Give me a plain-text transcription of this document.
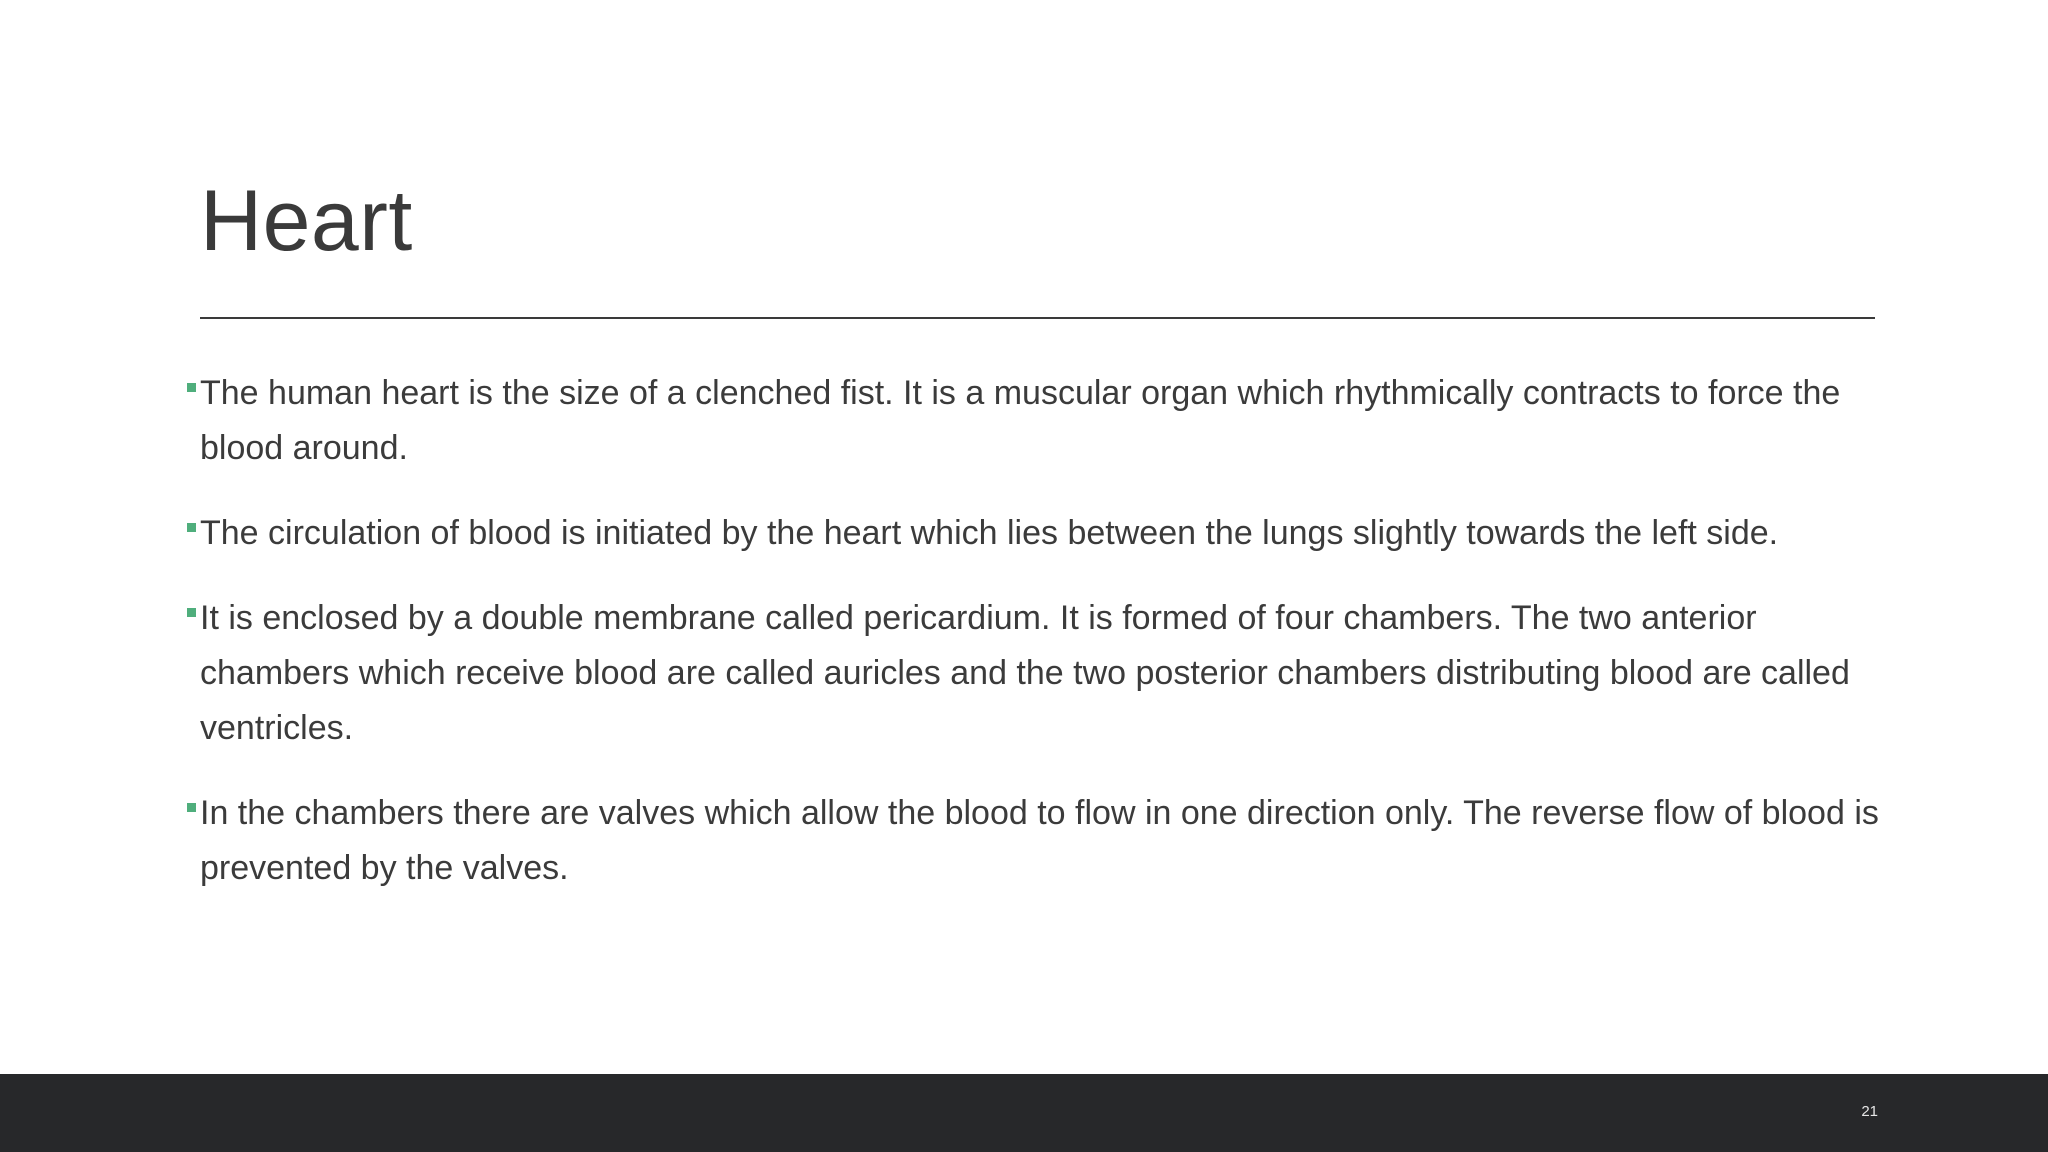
Heart
The human heart is the size of a clenched fist. It is a muscular organ which rhythmically contracts to force the blood around.
The circulation of blood is initiated by the heart which lies between the lungs slightly towards the left side.
It is enclosed by a double membrane called pericardium. It is formed of four chambers. The two anterior chambers which receive blood are called auricles and the two posterior chambers distributing blood are called ventricles.
In the chambers there are valves which allow the blood to flow in one direction only. The reverse flow of blood is prevented by the valves.
21
